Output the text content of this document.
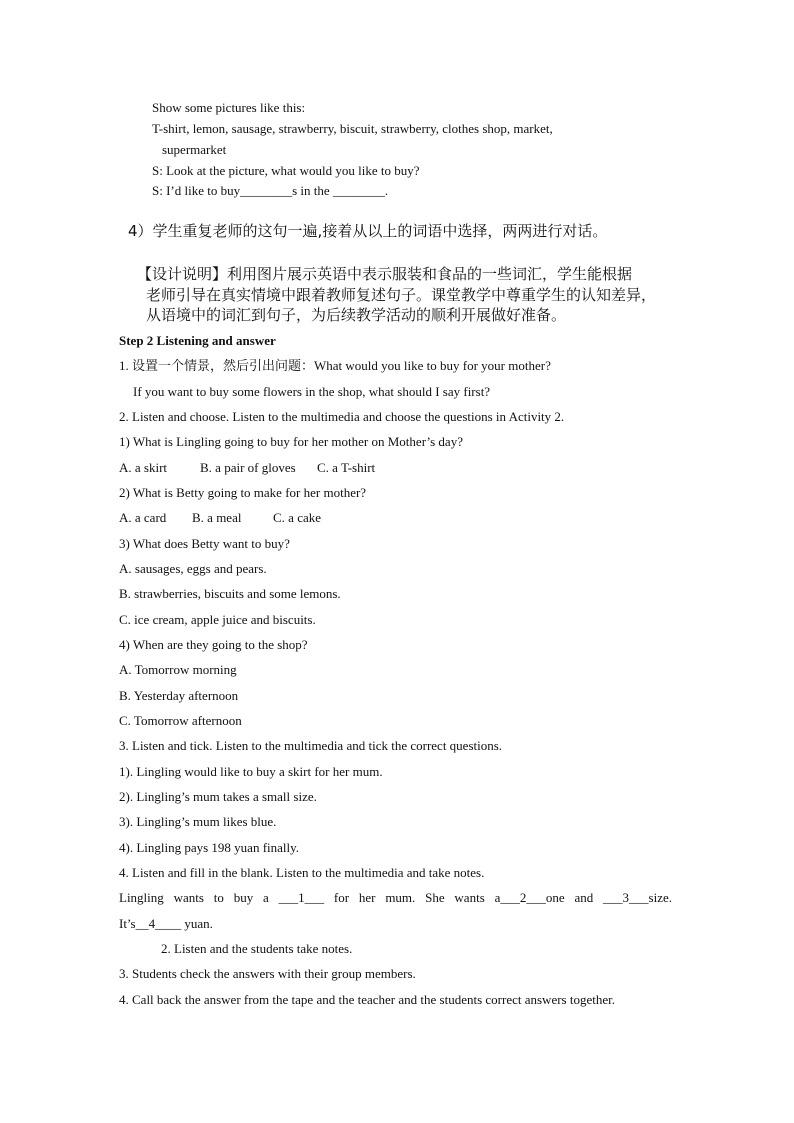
Show some pictures like this:
T-shirt, lemon, sausage, strawberry, biscuit, strawberry, clothes shop, market,
supermarket
S: Look at the picture, what would you like to buy?
S: I’d like to buy________s in the ________.
4）学生重复老师的这句一遍,接着从以上的词语中选择，两两进行对话。
【设计说明】利用图片展示英语中表示服装和食品的一些词汇，学生能根据
老师引导在真实情境中跟着教师复述句子。课堂教学中尊重学生的认知差异，
从语境中的词汇到句子，为后续教学活动的顺利开展做好准备。
Step 2 Listening and answer
1. 设置一个情景，然后引出问题：What would you like to buy for your mother?
If you want to buy some flowers in the shop, what should I say first?
2. Listen and choose. Listen to the multimedia and choose the questions in Activity 2.
1) What is Lingling going to buy for her mother on Mother’s day?
A. a skirt	B. a pair of gloves C. a T-shirt
2) What is Betty going to make for her mother?
A. a card B. a meal C. a cake
3) What does Betty want to buy?
A. sausages, eggs and pears.
B. strawberries, biscuits and some lemons.
C. ice cream, apple juice and biscuits.
4) When are they going to the shop?
A. Tomorrow morning
B. Yesterday afternoon
C. Tomorrow afternoon
3. Listen and tick. Listen to the multimedia and tick the correct questions.
1). Lingling would like to buy a skirt for her mum.
2). Lingling’s mum takes a small size.
3). Lingling’s mum likes blue.
4). Lingling pays 198 yuan finally.
4. Listen and fill in the blank. Listen to the multimedia and take notes.
Lingling wants to buy a ___1___ for her mum. She wants a___2___one and ___3___size.
It’s__4____ yuan.
2. Listen and the students take notes.
3. Students check the answers with their group members.
4. Call back the answer from the tape and the teacher and the students correct answers together.
